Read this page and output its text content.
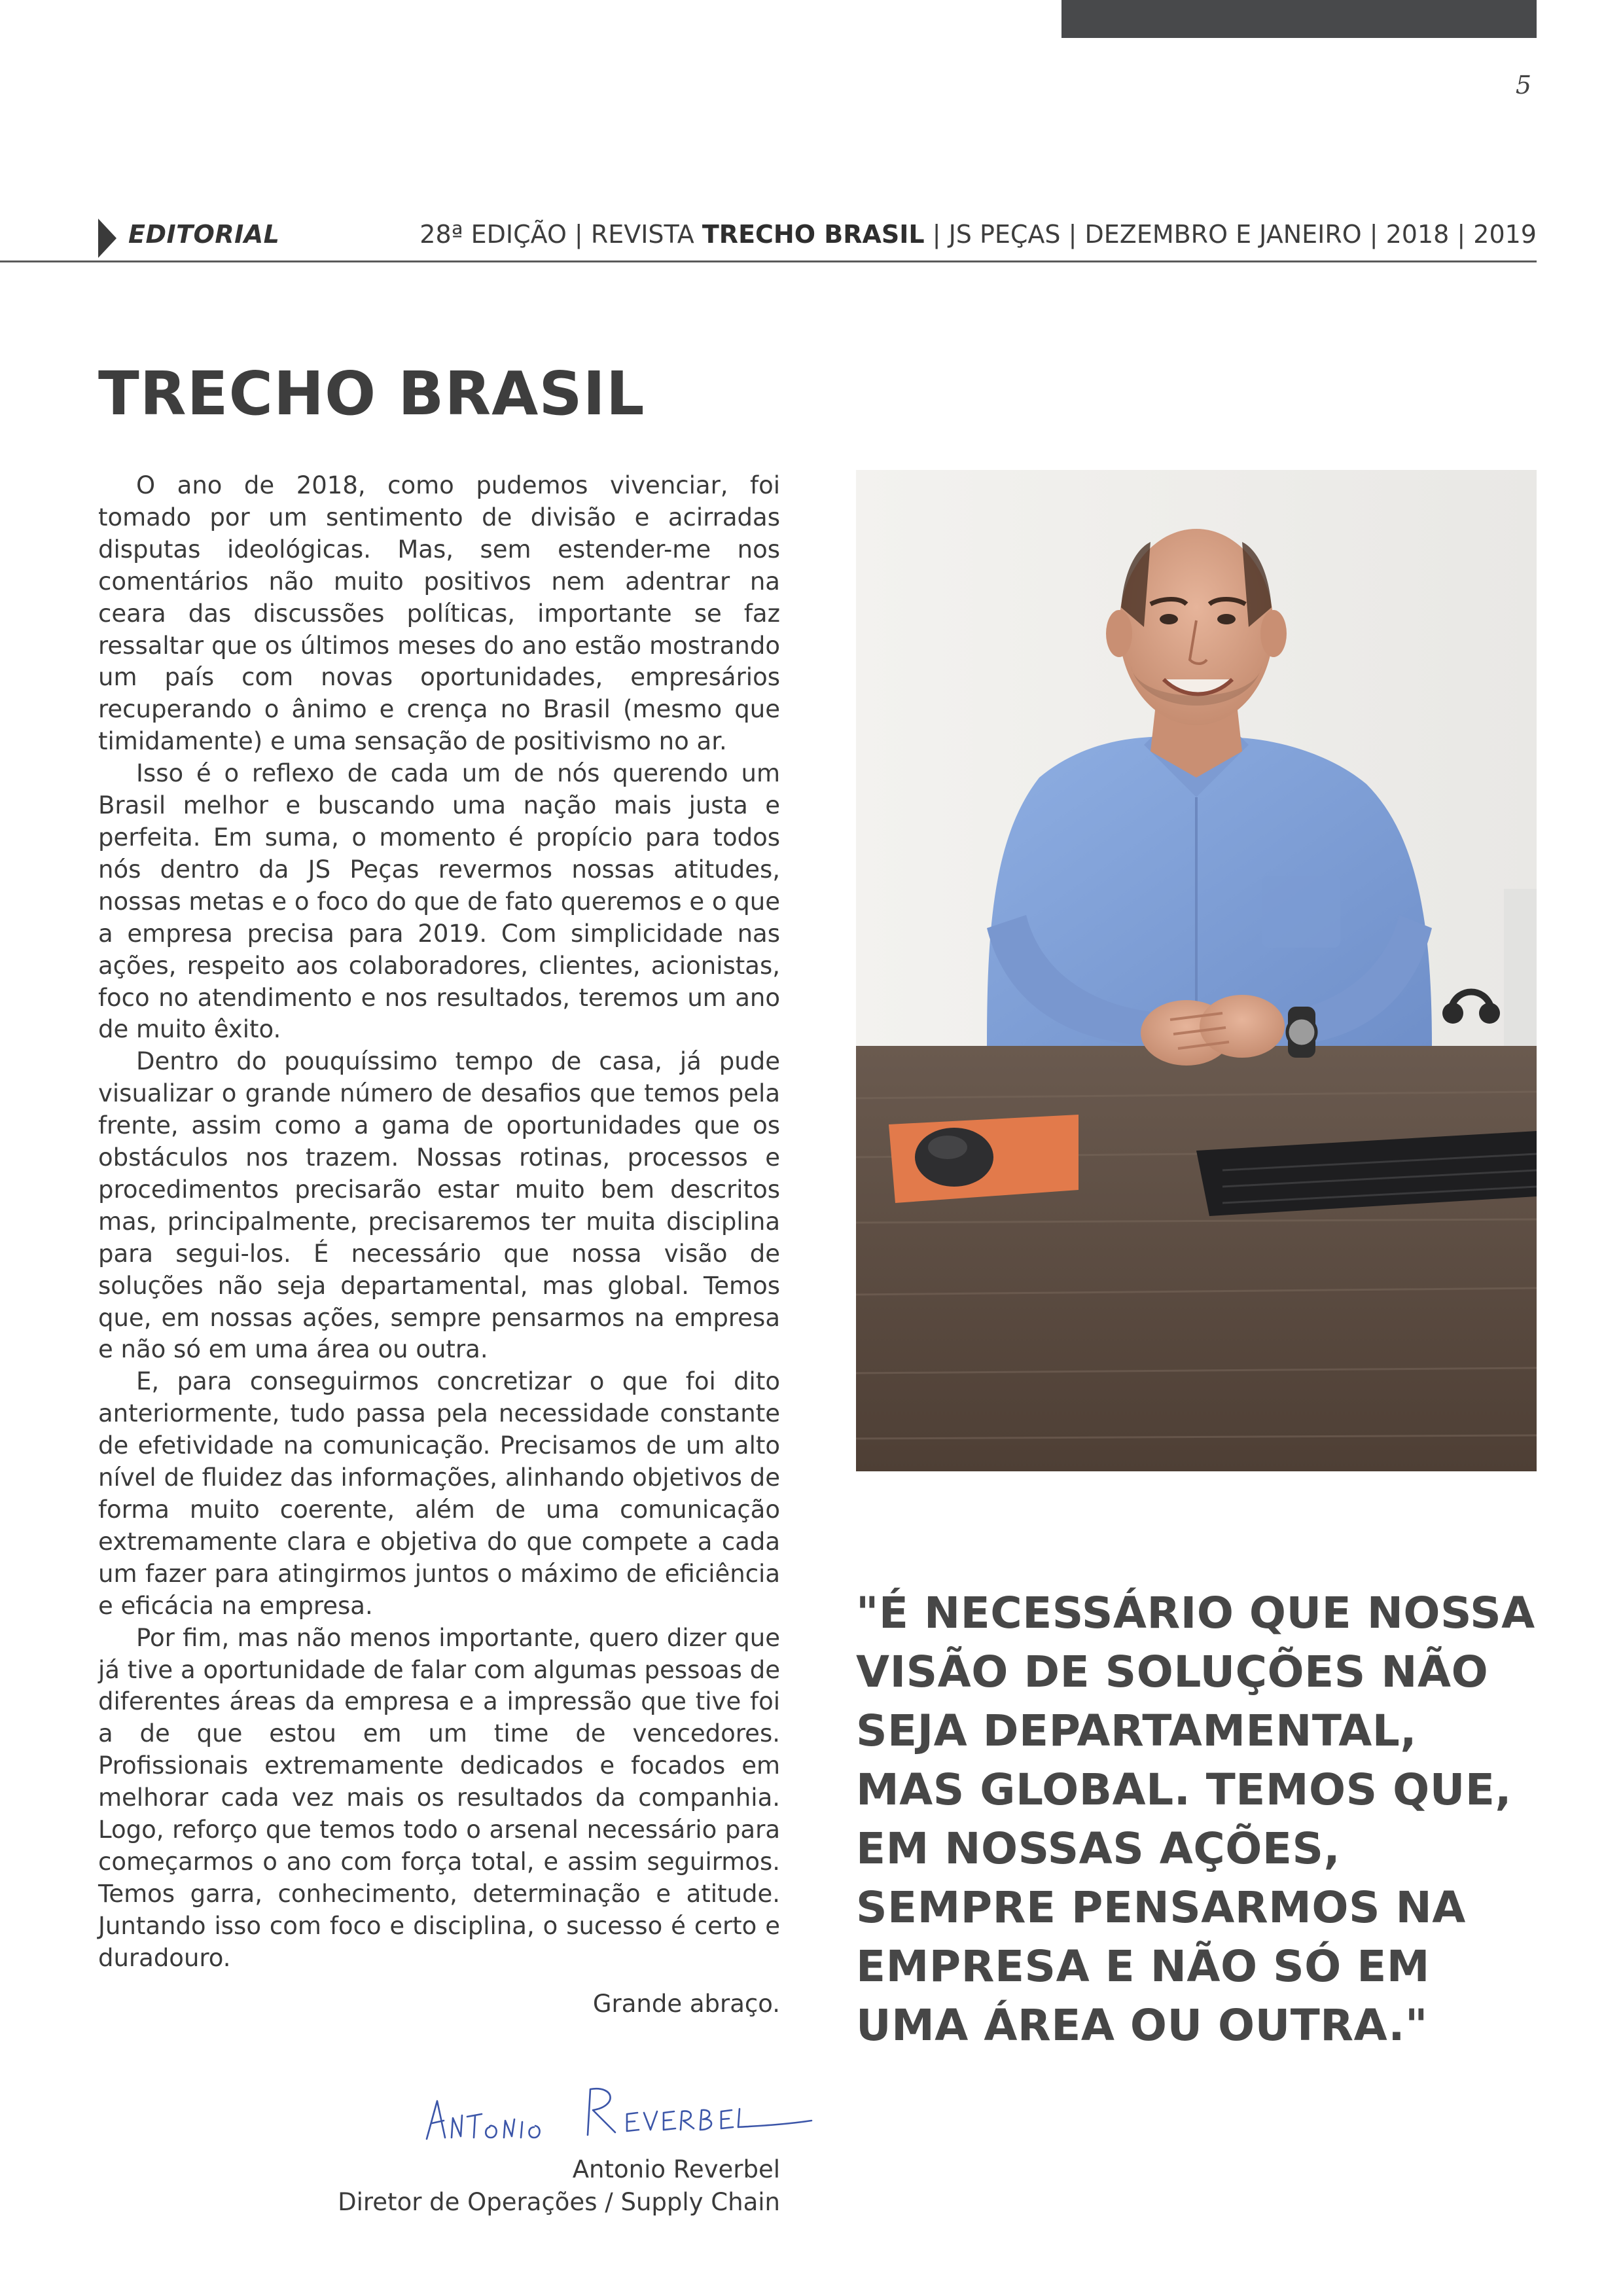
5
EDITORIAL	28ª EDIÇÃO | REVISTA TRECHO BRASIL | JS PEÇAS | DEZEMBRO E JANEIRO | 2018 | 2019
TRECHO BRASIL

O ano de 2018, como pudemos vivenciar, foi tomado por um sentimento de divisão e acirradas disputas ideológicas. Mas, sem estender-me nos comentários não muito positivos nem adentrar na ceara das discussões políticas, importante se faz ressaltar que os últimos meses do ano estão mostrando um país com novas oportunidades, empresários recuperando o ânimo e crença no Brasil (mesmo que timidamente) e uma sensação de positivismo no ar.

Isso é o reflexo de cada um de nós querendo um Brasil melhor e buscando uma nação mais justa e perfeita. Em suma, o momento é propício para todos nós dentro da JS Peças revermos nossas atitudes, nossas metas e o foco do que de fato queremos e o que a empresa precisa para 2019. Com simplicidade nas ações, respeito aos colaboradores, clientes, acionistas, foco no atendimento e nos resultados, teremos um ano de muito êxito.

Dentro do pouquíssimo tempo de casa, já pude visualizar o grande número de desafios que temos pela frente, assim como a gama de oportunidades que os obstáculos nos trazem. Nossas rotinas, processos e procedimentos precisarão estar muito bem descritos mas, principalmente, precisaremos ter muita disciplina para segui-los. É necessário que nossa visão de soluções não seja departamental, mas global. Temos que, em nossas ações, sempre pensarmos na empresa e não só em uma área ou outra.

E, para conseguirmos concretizar o que foi dito anteriormente, tudo passa pela necessidade constante de efetividade na comunicação. Precisamos de um alto nível de fluidez das informações, alinhando objetivos de forma muito coerente, além de uma comunicação extremamente clara e objetiva do que compete a cada um fazer para atingirmos juntos o máximo de eficiência e eficácia na empresa.

Por fim, mas não menos importante, quero dizer que já tive a oportunidade de falar com algumas pessoas de diferentes áreas da empresa e a impressão que tive foi a de que estou em um time de vencedores. Profissionais extremamente dedicados e focados em melhorar cada vez mais os resultados da companhia. Logo, reforço que temos todo o arsenal necessário para começarmos o ano com força total, e assim seguirmos. Temos garra, conhecimento, determinação e atitude. Juntando isso com foco e disciplina, o sucesso é certo e duradouro.

Grande abraço.
Antonio Reverbel
Diretor de Operações / Supply Chain
"É NECESSÁRIO QUE NOSSA VISÃO DE SOLUÇÕES NÃO SEJA DEPARTAMENTAL, MAS GLOBAL. TEMOS QUE, EM NOSSAS AÇÕES, SEMPRE PENSARMOS NA EMPRESA E NÃO SÓ EM UMA ÁREA OU OUTRA."
